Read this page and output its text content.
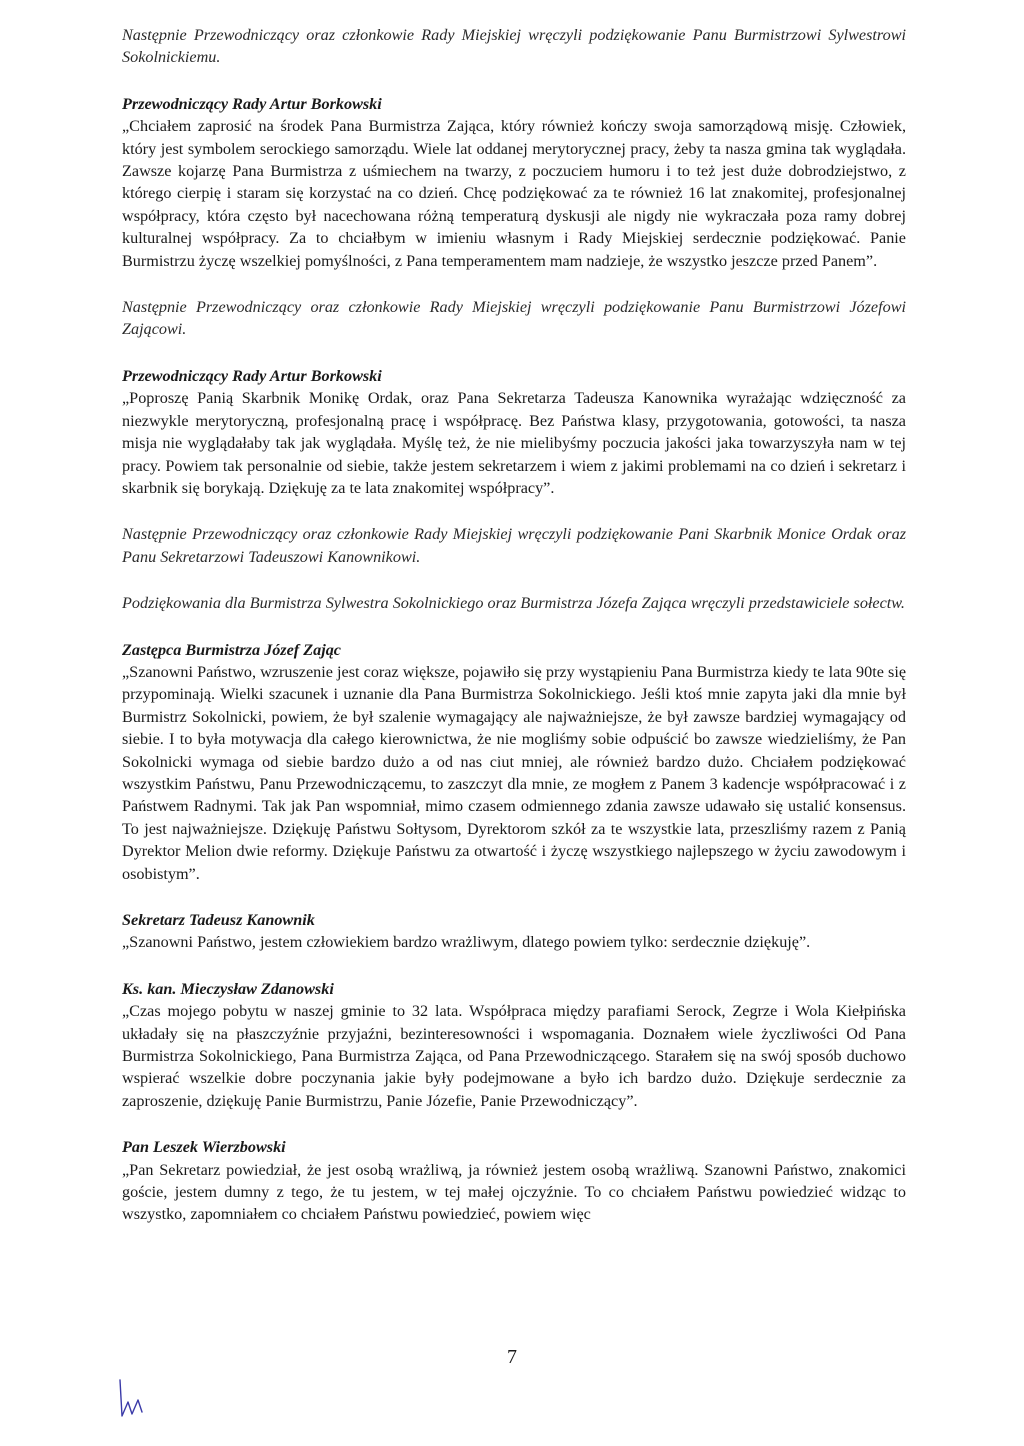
Następnie Przewodniczący oraz członkowie Rady Miejskiej wręczyli podziękowanie Panu Burmistrzowi Sylwestrowi Sokolnickiemu.

Przewodniczący Rady Artur Borkowski

„Chciałem zaprosić na środek Pana Burmistrza Zająca, który również kończy swoja samorządową misję. Człowiek, który jest symbolem serockiego samorządu. Wiele lat oddanej merytorycznej pracy, żeby ta nasza gmina tak wyglądała. Zawsze kojarzę Pana Burmistrza z uśmiechem na twarzy, z poczuciem humoru i to też jest duże dobrodziejstwo, z którego cierpię i staram się korzystać na co dzień. Chcę podziękować za te również 16 lat znakomitej, profesjonalnej współpracy, która często był nacechowana różną temperaturą dyskusji ale nigdy nie wykraczała poza ramy dobrej kulturalnej współpracy. Za to chciałbym w imieniu własnym i Rady Miejskiej serdecznie podziękować. Panie Burmistrzu życzę wszelkiej pomyślności, z Pana temperamentem mam nadzieje, że wszystko jeszcze przed Panem”.

Następnie Przewodniczący oraz członkowie Rady Miejskiej wręczyli podziękowanie Panu Burmistrzowi Józefowi Zającowi.

Przewodniczący Rady Artur Borkowski

„Poproszę Panią Skarbnik Monikę Ordak, oraz Pana Sekretarza Tadeusza Kanownika wyrażając wdzięczność za niezwykle merytoryczną, profesjonalną pracę i współpracę. Bez Państwa klasy, przygotowania, gotowości, ta nasza misja nie wyglądałaby tak jak wyglądała. Myślę też, że nie mielibyśmy poczucia jakości jaka towarzyszyła nam w tej pracy. Powiem tak personalnie od siebie, także jestem sekretarzem i wiem z jakimi problemami na co dzień i sekretarz i skarbnik się borykają. Dziękuję za te lata znakomitej współpracy”.

Następnie Przewodniczący oraz członkowie Rady Miejskiej wręczyli podziękowanie Pani Skarbnik Monice Ordak oraz Panu Sekretarzowi Tadeuszowi Kanownikowi.

Podziękowania dla Burmistrza Sylwestra Sokolnickiego oraz Burmistrza Józefa Zająca wręczyli przedstawiciele sołectw.

Zastępca Burmistrza Józef Zając

„Szanowni Państwo, wzruszenie jest coraz większe, pojawiło się przy wystąpieniu Pana Burmistrza kiedy te lata 90te się przypominają. Wielki szacunek i uznanie dla Pana Burmistrza Sokolnickiego. Jeśli ktoś mnie zapyta jaki dla mnie był Burmistrz Sokolnicki, powiem, że był szalenie wymagający ale najważniejsze, że był zawsze bardziej wymagający od siebie. I to była motywacja dla całego kierownictwa, że nie mogliśmy sobie odpuścić bo zawsze wiedzieliśmy, że Pan Sokolnicki wymaga od siebie bardzo dużo a od nas ciut mniej, ale również bardzo dużo. Chciałem podziękować wszystkim Państwu, Panu Przewodniczącemu, to zaszczyt dla mnie, ze mogłem z Panem 3 kadencje współpracować i z Państwem Radnymi. Tak jak Pan wspomniał, mimo czasem odmiennego zdania zawsze udawało się ustalić konsensus. To jest najważniejsze. Dziękuję Państwu Sołtysom, Dyrektorom szkół za te wszystkie lata, przeszliśmy razem z Panią Dyrektor Melion dwie reformy. Dziękuje Państwu za otwartość i życzę wszystkiego najlepszego w życiu zawodowym i osobistym”.

Sekretarz Tadeusz Kanownik

„Szanowni Państwo, jestem człowiekiem bardzo wrażliwym, dlatego powiem tylko: serdecznie dziękuję”.

Ks. kan. Mieczysław Zdanowski

„Czas mojego pobytu w naszej gminie to 32 lata. Współpraca między parafiami Serock, Zegrze i Wola Kiełpińska układały się na płaszczyźnie przyjaźni, bezinteresowności i wspomagania. Doznałem wiele życzliwości Od Pana Burmistrza Sokolnickiego, Pana Burmistrza Zająca, od Pana Przewodniczącego. Starałem się na swój sposób duchowo wspierać wszelkie dobre poczynania jakie były podejmowane a było ich bardzo dużo. Dziękuje serdecznie za zaproszenie, dziękuję Panie Burmistrzu, Panie Józefie, Panie Przewodniczący”.

Pan Leszek Wierzbowski

„Pan Sekretarz powiedział, że jest osobą wrażliwą, ja również jestem osobą wrażliwą. Szanowni Państwo, znakomici goście, jestem dumny z tego, że tu jestem, w tej małej ojczyźnie. To co chciałem Państwu powiedzieć widząc to wszystko, zapomniałem co chciałem Państwu powiedzieć, powiem więc

7
